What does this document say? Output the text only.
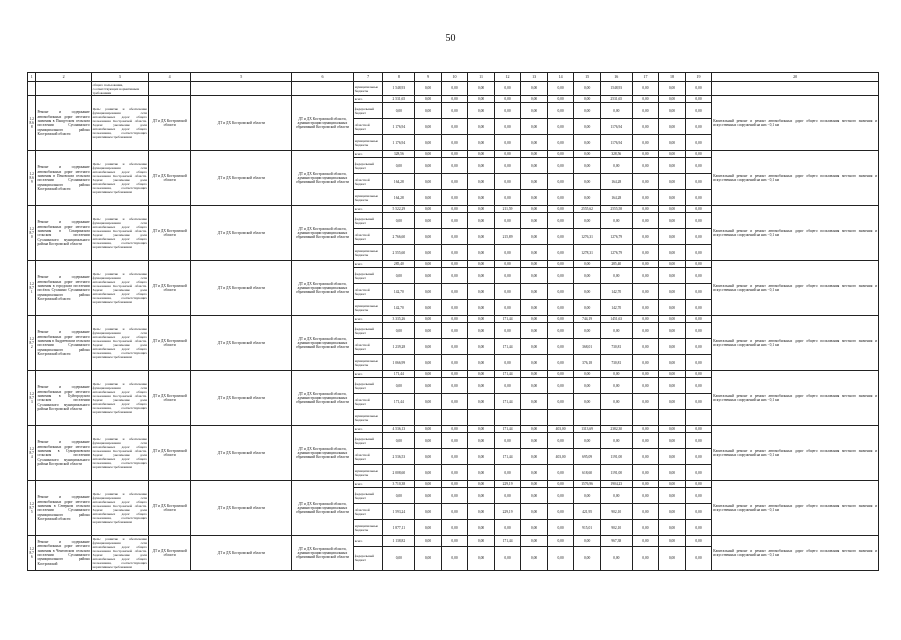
50
1	2	3	4	5	6	7	8	9	10	11	12	13	14	15	16	17	18	19	20
		общего пользования, соответствующих нормативным требованиям				муниципальные бюджеты	1 548,93	0,00	0,00	0,00	0,00	0,00	0,00	0,00	1548,93	0,00	0,00	0,00	
1.28.68	Ремонт и содержание автомобильных дорог местного значения в Пыщугском сельском поселении Сусанинского муниципального района Костромской области	Цель: развитие и обеспечение функционирования сети автомобильных дорог общего пользования Костромской области. Задача: увеличение доли автомобильных дорог общего пользования, соответствующих нормативным требованиям	ДТ и ДХ Костромской области	ДТ и ДХ Костромской области	ДТ и ДХ Костромской области, администрации муниципальных образований Костромской области	всего	2 531,65	0,00	0,00	0,00	0,00	0,00	0,00	0,00	2531,65	0,00	0,00	0,00	Капитальный ремонт и ремонт автомобильных дорог общего пользования местного значения и искусственных сооружений на них - 0,1 км
						федеральный бюджет	0,00	0,00	0,00	0,00	0,00	0,00	0,00	0,00	0,00	0,00	0,00	0,00	
						областной бюджет	1 176,94	0,00	0,00	0,00	0,00	0,00	0,00	0,00	1176,94	0,00	0,00	0,00	
						муниципальные бюджеты	1 176,94	0,00	0,00	0,00	0,00	0,00	0,00	0,00	1176,94	0,00	0,00	0,00	
1.28.69	Ремонт и содержание автомобильных дорог местного значения в Пеновском сельском поселении Сусанинского муниципального района Костромской области	Цель: развитие и обеспечение функционирования сети автомобильных дорог общего пользования Костромской области. Задача: увеличение доли автомобильных дорог общего пользования, соответствующих нормативным требованиям	ДТ и ДХ Костромской области	ДТ и ДХ Костромской области	ДТ и ДХ Костромской области, администрации муниципальных образований Костромской области	всего	328,56	0,00	0,00	0,00	0,00	0,00	0,00	0,00	328,56	0,00	0,00	0,00	Капитальный ремонт и ремонт автомобильных дорог общего пользования местного значения и искусственных сооружений на них - 0,1 км
						федеральный бюджет	0,00	0,00	0,00	0,00	0,00	0,00	0,00	0,00	0,00	0,00	0,00	0,00	
						областной бюджет	164,28	0,00	0,00	0,00	0,00	0,00	0,00	0,00	164,28	0,00	0,00	0,00	
						муниципальные бюджеты	164,28	0,00	0,00	0,00	0,00	0,00	0,00	0,00	164,28	0,00	0,00	0,00	
1.28.70	Ремонт и содержание автомобильных дорог местного значения в Сокиринском сельском поселении Сусанинского муниципального района Костромской области	Цель: развитие и обеспечение функционирования сети автомобильных дорог общего пользования Костромской области. Задача: увеличение доли автомобильных дорог общего пользования, соответствующих нормативным требованиям	ДТ и ДХ Костромской области	ДТ и ДХ Костромской области	ДТ и ДХ Костромской области, администрации муниципальных образований Костромской области	всего	5 522,29	0,00	0,00	0,00	211,59	0,00	0,00	2555,62	2555,58	0,00	0,00	0,00	Капитальный ремонт и ремонт автомобильных дорог общего пользования местного значения и искусственных сооружений на них - 0,1 км
						федеральный бюджет	0,00	0,00	0,00	0,00	0,00	0,00	0,00	0,00	0,00	0,00	0,00	0,00	
						областной бюджет	2 766,60	0,00	0,00	0,00	215,89	0,00	0,00	1276,31	1276,79	0,00	0,00	0,00	
						муниципальные бюджеты	2 555,60	0,00	0,00	0,00	0,00	0,00	0,00	1278,31	1276,79	0,00	0,00	0,00	
1.28.71	Ремонт и содержание автомобильных дорог местного значения в городском поселении посёлок Сусанино Сусанинского муниципального района Костромской области	Цель: развитие и обеспечение функционирования сети автомобильных дорог общего пользования Костромской области. Задача: увеличение доли автомобильных дорог общего пользования, соответствующих нормативным требованиям	ДТ и ДХ Костромской области	ДТ и ДХ Костромской области	ДТ и ДХ Костромской области, администрации муниципальных образований Костромской области	всего	285,40	0,00	0,00	0,00	0,00	0,00	0,00	0,00	285,40	0,00	0,00	0,00	Капитальный ремонт и ремонт автомобильных дорог общего пользования местного значения и искусственных сооружений на них - 0,1 км
						федеральный бюджет	0,00	0,00	0,00	0,00	0,00	0,00	0,00	0,00	0,00	0,00	0,00	0,00	
						областной бюджет	142,70	0,00	0,00	0,00	0,00	0,00	0,00	0,00	142,70	0,00	0,00	0,00	
						муниципальные бюджеты	142,70	0,00	0,00	0,00	0,00	0,00	0,00	0,00	142,70	0,00	0,00	0,00	
1.28.72	Ремонт и содержание автомобильных дорог местного значения в Андреевском сельском поселении Сусанинского муниципального района Костромской области	Цель: развитие и обеспечение функционирования сети автомобильных дорог общего пользования Костромской области. Задача: увеличение доли автомобильных дорог общего пользования, соответствующих нормативным требованиям	ДТ и ДХ Костромской области	ДТ и ДХ Костромской области	ДТ и ДХ Костромской области, администрации муниципальных образований Костромской области	всего	3 335,26	0,00	0,00	0,00	171,44	0,00	0,00	744,19	1451,63	0,00	0,00	0,00	Капитальный ремонт и ремонт автомобильных дорог общего пользования местного значения и искусственных сооружений на них - 0,1 км
						федеральный бюджет	0,00	0,00	0,00	0,00	0,00	0,00	0,00	0,00	0,00	0,00	0,00	0,00	
						областной бюджет	1 239,28	0,00	0,00	0,00	171,44	0,00	0,00	368,01	730,81	0,00	0,00	0,00	
						муниципальные бюджеты	1 066,99	0,00	0,00	0,00	0,00	0,00	0,00	376,18	730,81	0,00	0,00	0,00	
1.28.73	Ремонт и содержание автомобильных дорог местного значения в Буйгородском сельском поселении Сусанинского муниципального района Костромской области	Цель: развитие и обеспечение функционирования сети автомобильных дорог общего пользования Костромской области. Задача: увеличение доли автомобильных дорог общего пользования, соответствующих нормативным требованиям	ДТ и ДХ Костромской области	ДТ и ДХ Костромской области	ДТ и ДХ Костромской области, администрации муниципальных образований Костромской области	всего	171,44	0,00	0,00	0,00	171,44	0,00	0,00	0,00	0,00	0,00	0,00	0,00	Капитальный ремонт и ремонт автомобильных дорог общего пользования местного значения и искусственных сооружений на них - 0,1 км
						федеральный бюджет	0,00	0,00	0,00	0,00	0,00	0,00	0,00	0,00	0,00	0,00	0,00	0,00	
						областной бюджет	171,44	0,00	0,00	0,00	171,44	0,00	0,00	0,00	0,00	0,00	0,00	0,00	
						муниципальные бюджеты													
1.28.74	Ремонт и содержание автомобильных дорог местного значения в Сумароковском сельском поселении Сусанинского муниципального района Костромской области	Цель: развитие и обеспечение функционирования сети автомобильных дорог общего пользования Костромской области. Задача: увеличение доли автомобильных дорог общего пользования, соответствующих нормативным требованиям	ДТ и ДХ Костромской области	ДТ и ДХ Костромской области	ДТ и ДХ Костромской области, администрации муниципальных образований Костромской области	всего	4 536,13	0,00	0,00	0,00	171,44	0,00	403,00	1313,69	2382,30	0,00	0,00	0,00	Капитальный ремонт и ремонт автомобильных дорог общего пользования местного значения и искусственных сооружений на них - 0,1 км
						федеральный бюджет	0,00	0,00	0,00	0,00	0,00	0,00	0,00	0,00	0,00	0,00	0,00	0,00	
						областной бюджет	2 536,53	0,00	0,00	0,00	171,44	0,00	403,00	695,09	1191,00	0,00	0,00	0,00	
						муниципальные бюджеты	2 008,60	0,00	0,00	0,00	0,00	0,00	0,00	618,60	1191,00	0,00	0,00	0,00	
1.28.75	Ремонт и содержание автомобильных дорог местного значения в Северном сельском поселении Сусанинского муниципального района Костромской области	Цель: развитие и обеспечение функционирования сети автомобильных дорог общего пользования Костромской области. Задача: увеличение доли автомобильных дорог общего пользования, соответствующих нормативным требованиям	ДТ и ДХ Костромской области	ДТ и ДХ Костромской области	ДТ и ДХ Костромской области, администрации муниципальных образований Костромской области	всего	3 710,38	0,00	0,00	0,00	229,19	0,00	0,00	1576,96	1904,23	0,00	0,00	0,00	Капитальный ремонт и ремонт автомобильных дорог общего пользования местного значения и искусственных сооружений на них - 0,1 км
						федеральный бюджет	0,00	0,00	0,00	0,00	0,00	0,00	0,00	0,00	0,00	0,00	0,00	0,00	
						областной бюджет	1 593,24	0,00	0,00	0,00	229,19	0,00	0,00	421,95	902,10	0,00	0,00	0,00	
						муниципальные бюджеты	1 877,11	0,00	0,00	0,00	0,00	0,00	0,00	915,01	902,10	0,00	0,00	0,00	
1.28.76	Ремонт и содержание автомобильных дорог местного значения в Чентовском сельском поселении Сусанинского муниципального района Костромской	Цель: развитие и обеспечение функционирования сети автомобильных дорог общего пользования Костромской области. Задача: увеличение доли автомобильных дорог общего пользования, соответствующих нормативным требованиям	ДТ и ДХ Костромской области	ДТ и ДХ Костромской области	ДТ и ДХ Костромской области, администрации муниципальных образований Костромской области	всего	1 138,82	0,00	0,00	0,00	171,44	0,00	0,00	0,00	967,38	0,00	0,00	0,00	Капитальный ремонт и ремонт автомобильных дорог общего пользования местного значения и искусственных сооружений на них - 0,1 км
						федеральный бюджет	0,00	0,00	0,00	0,00	0,00	0,00	0,00	0,00	0,00	0,00	0,00	0,00	
